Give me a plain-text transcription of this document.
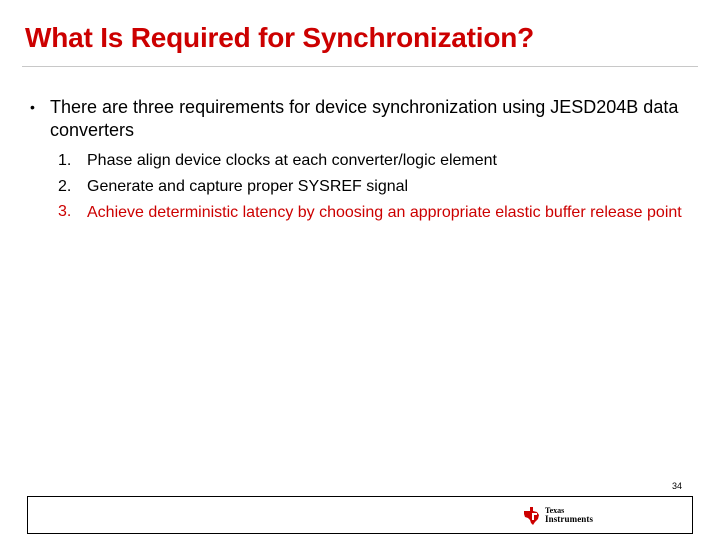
What Is Required for Synchronization?
• There are three requirements for device synchronization using JESD204B data converters
1. Phase align device clocks at each converter/logic element
2. Generate and capture proper SYSREF signal
3. Achieve deterministic latency by choosing an appropriate elastic buffer release point
34
Texas
Instruments
